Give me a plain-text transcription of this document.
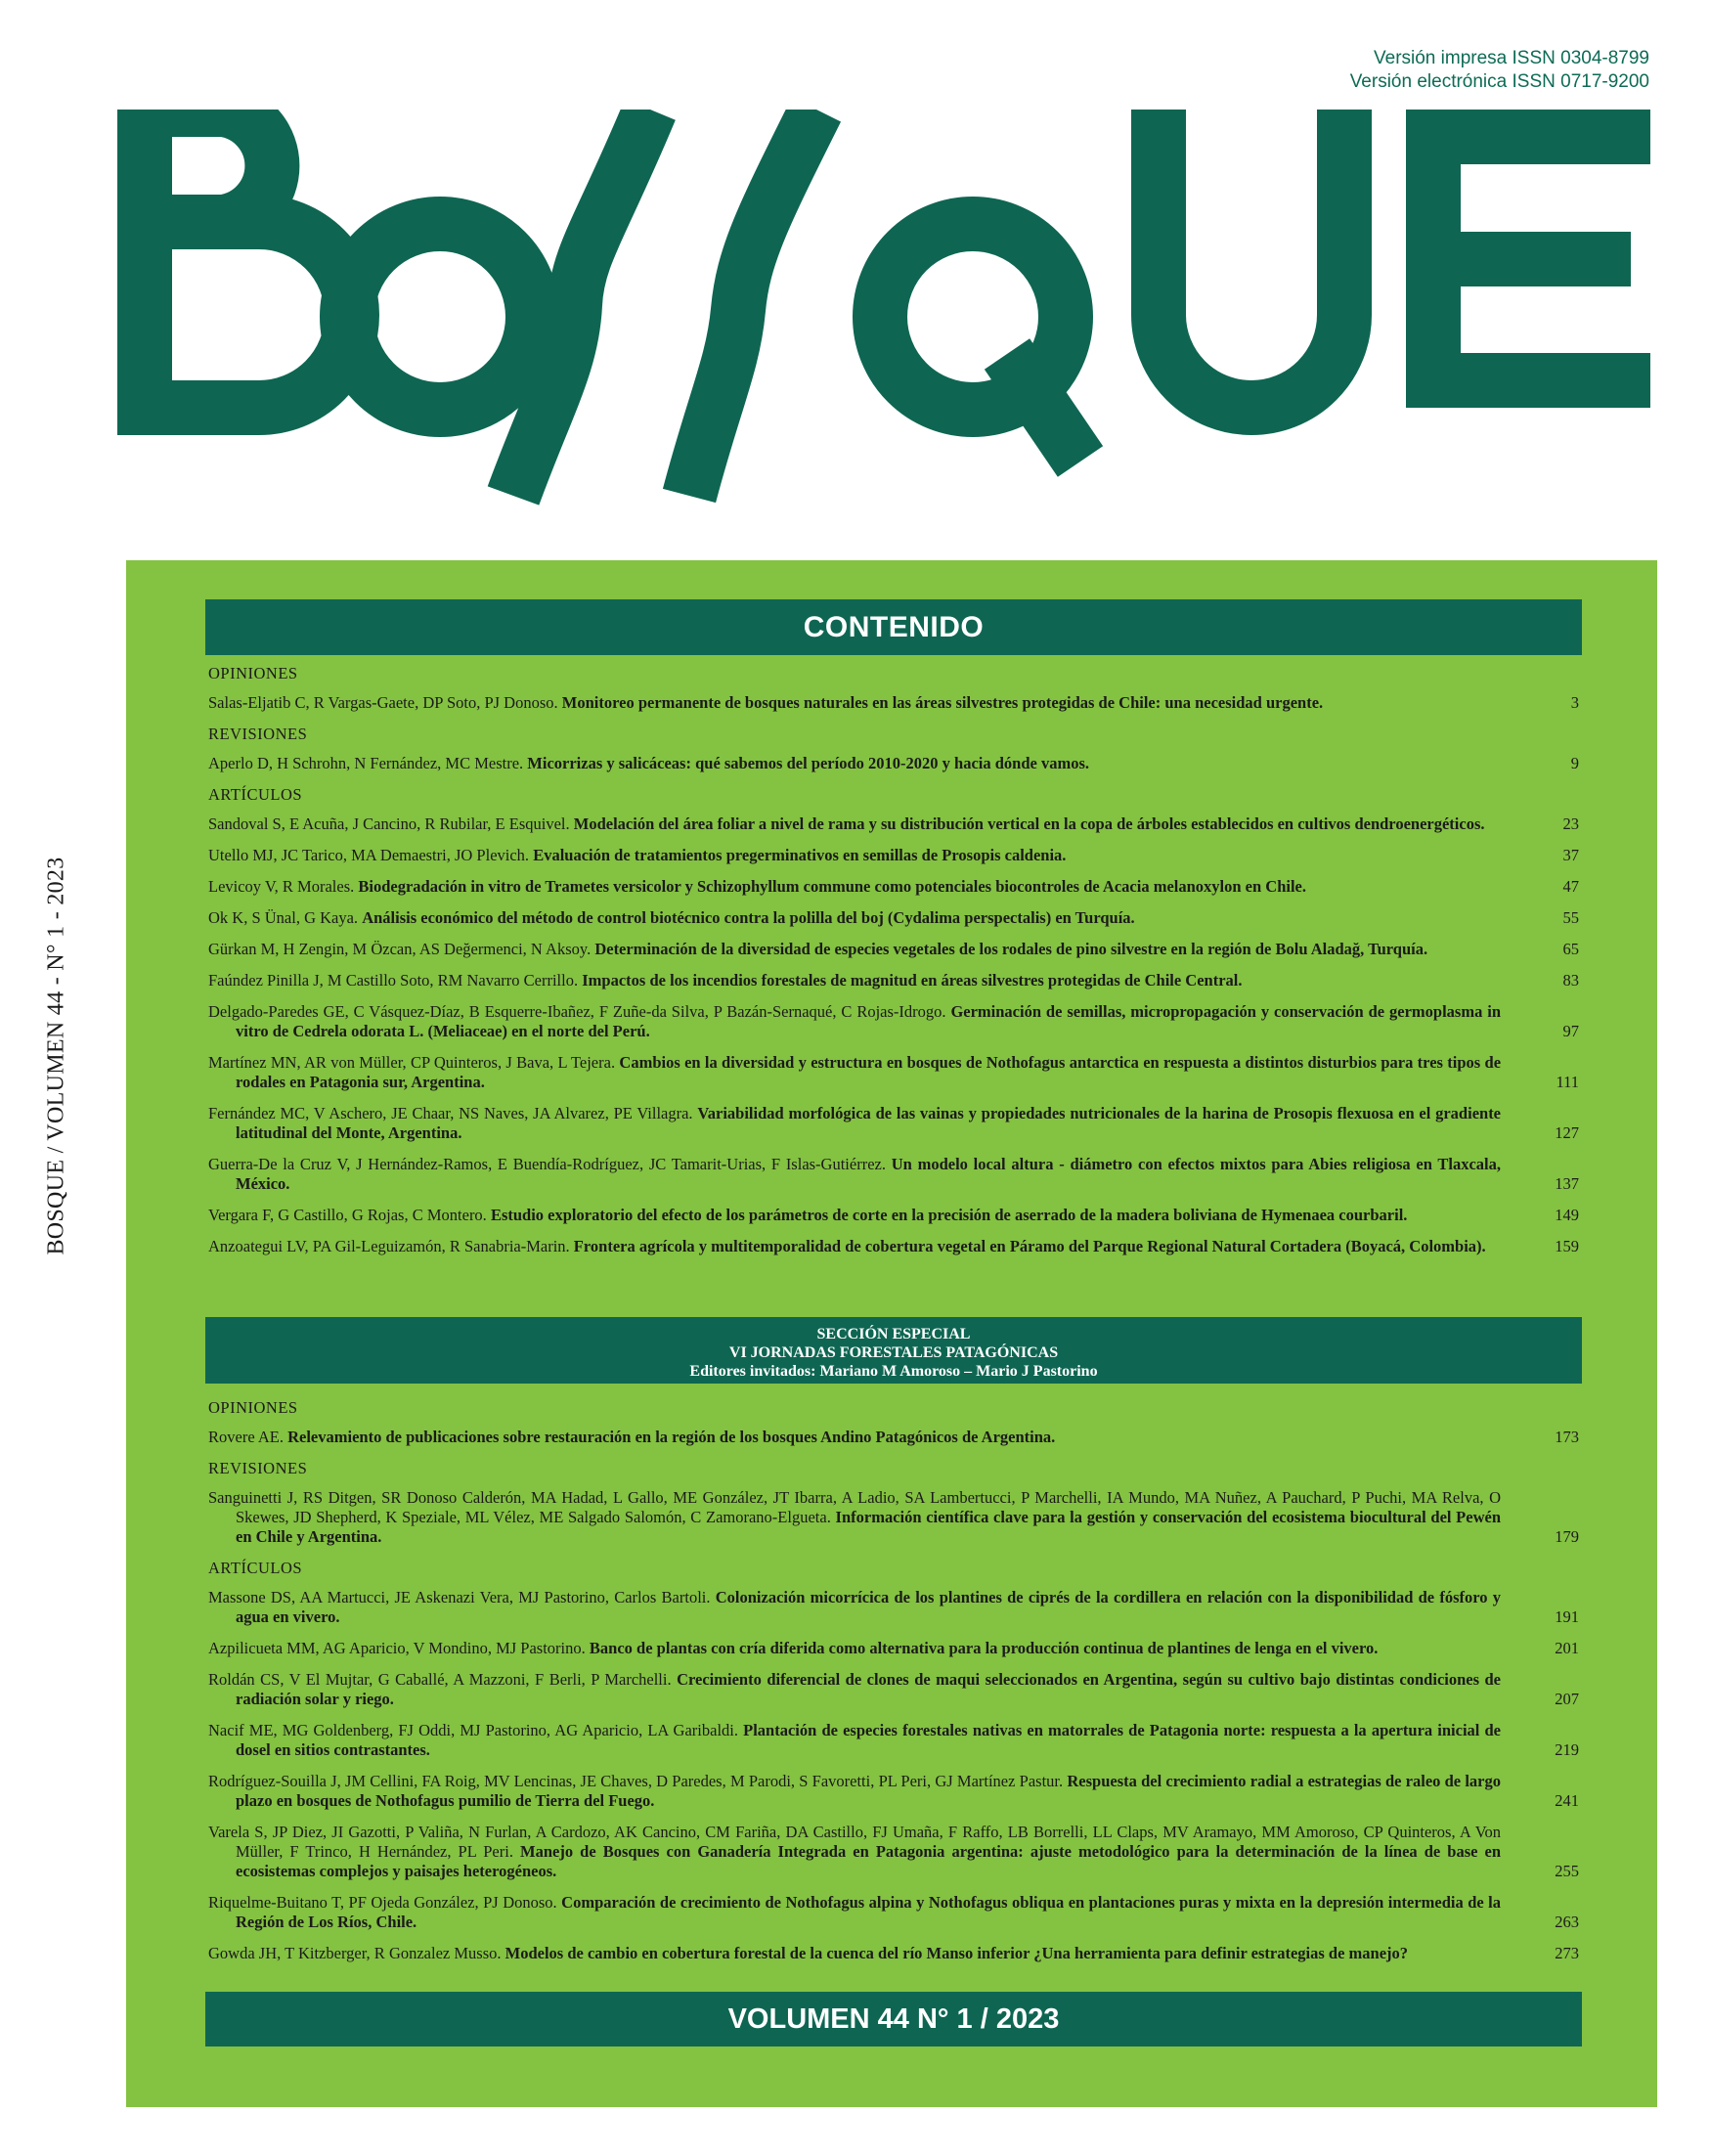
Versión impresa ISSN 0304-8799
Versión electrónica ISSN 0717-9200
BOSQUE / VOLUMEN 44 - N° 1 - 2023
CONTENIDO
OPINIONES
Salas-Eljatib C, R Vargas-Gaete, DP Soto, PJ Donoso. Monitoreo permanente de bosques naturales en las áreas silvestres protegidas de Chile: una necesidad urgente.	3
REVISIONES
Aperlo D, H Schrohn, N Fernández, MC Mestre. Micorrizas y salicáceas: qué sabemos del período 2010-2020 y hacia dónde vamos.	9
ARTÍCULOS
Sandoval S, E Acuña, J Cancino, R Rubilar, E Esquivel. Modelación del área foliar a nivel de rama y su distribución vertical en la copa de árboles establecidos en cultivos dendroenergéticos.	23
Utello MJ, JC Tarico, MA Demaestri, JO Plevich. Evaluación de tratamientos pregerminativos en semillas de Prosopis caldenia.	37
Levicoy V, R Morales. Biodegradación in vitro de Trametes versicolor y Schizophyllum commune como potenciales biocontroles de Acacia melanoxylon en Chile.	47
Ok K, S Ünal, G Kaya. Análisis económico del método de control biotécnico contra la polilla del boj (Cydalima perspectalis) en Turquía.	55
Gürkan M, H Zengin, M Özcan, AS Değermenci, N Aksoy. Determinación de la diversidad de especies vegetales de los rodales de pino silvestre en la región de Bolu Aladağ, Turquía.	65
Faúndez Pinilla J, M Castillo Soto, RM Navarro Cerrillo. Impactos de los incendios forestales de magnitud en áreas silvestres protegidas de Chile Central.	83
Delgado-Paredes GE, C Vásquez-Díaz, B Esquerre-Ibañez, F Zuñe-da Silva, P Bazán-Sernaqué, C Rojas-Idrogo. Germinación de semillas, micropropagación y conservación de germoplasma in vitro de Cedrela odorata L. (Meliaceae) en el norte del Perú.	97
Martínez MN, AR von Müller, CP Quinteros, J Bava, L Tejera. Cambios en la diversidad y estructura en bosques de Nothofagus antarctica en respuesta a distintos disturbios para tres tipos de rodales en Patagonia sur, Argentina.	111
Fernández MC, V Aschero, JE Chaar, NS Naves, JA Alvarez, PE Villagra. Variabilidad morfológica de las vainas y propiedades nutricionales de la harina de Prosopis flexuosa en el gradiente latitudinal del Monte, Argentina.	127
Guerra-De la Cruz V, J Hernández-Ramos, E Buendía-Rodríguez, JC Tamarit-Urias, F Islas-Gutiérrez. Un modelo local altura - diámetro con efectos mixtos para Abies religiosa en Tlaxcala, México.	137
Vergara F, G Castillo, G Rojas, C Montero. Estudio exploratorio del efecto de los parámetros de corte en la precisión de aserrado de la madera boliviana de Hymenaea courbaril.	149
Anzoategui LV, PA Gil-Leguizamón, R Sanabria-Marin. Frontera agrícola y multitemporalidad de cobertura vegetal en Páramo del Parque Regional Natural Cortadera (Boyacá, Colombia).	159
SECCIÓN ESPECIAL
VI JORNADAS FORESTALES PATAGÓNICAS
Editores invitados: Mariano M Amoroso – Mario J Pastorino
OPINIONES
Rovere AE. Relevamiento de publicaciones sobre restauración en la región de los bosques Andino Patagónicos de Argentina.	173
REVISIONES
Sanguinetti J, RS Ditgen, SR Donoso Calderón, MA Hadad, L Gallo, ME González, JT Ibarra, A Ladio, SA Lambertucci, P Marchelli, IA Mundo, MA Nuñez, A Pauchard, P Puchi, MA Relva, O Skewes, JD Shepherd, K Speziale, ML Vélez, ME Salgado Salomón, C Zamorano-Elgueta. Información científica clave para la gestión y conservación del ecosistema biocultural del Pewén en Chile y Argentina.	179
ARTÍCULOS
Massone DS, AA Martucci, JE Askenazi Vera, MJ Pastorino, Carlos Bartoli. Colonización micorrícica de los plantines de ciprés de la cordillera en relación con la disponibilidad de fósforo y agua en vivero.	191
Azpilicueta MM, AG Aparicio, V Mondino, MJ Pastorino. Banco de plantas con cría diferida como alternativa para la producción continua de plantines de lenga en el vivero.	201
Roldán CS, V El Mujtar, G Caballé, A Mazzoni, F Berli, P Marchelli. Crecimiento diferencial de clones de maqui seleccionados en Argentina, según su cultivo bajo distintas condiciones de radiación solar y riego.	207
Nacif ME, MG Goldenberg, FJ Oddi, MJ Pastorino, AG Aparicio, LA Garibaldi. Plantación de especies forestales nativas en matorrales de Patagonia norte: respuesta a la apertura inicial de dosel en sitios contrastantes.	219
Rodríguez-Souilla J, JM Cellini, FA Roig, MV Lencinas, JE Chaves, D Paredes, M Parodi, S Favoretti, PL Peri, GJ Martínez Pastur. Respuesta del crecimiento radial a estrategias de raleo de largo plazo en bosques de Nothofagus pumilio de Tierra del Fuego.	241
Varela S, JP Diez, JI Gazotti, P Valiña, N Furlan, A Cardozo, AK Cancino, CM Fariña, DA Castillo, FJ Umaña, F Raffo, LB Borrelli, LL Claps, MV Aramayo, MM Amoroso, CP Quinteros, A Von Müller, F Trinco, H Hernández, PL Peri. Manejo de Bosques con Ganadería Integrada en Patagonia argentina: ajuste metodológico para la determinación de la línea de base en ecosistemas complejos y paisajes heterogéneos.	255
Riquelme-Buitano T, PF Ojeda González, PJ Donoso. Comparación de crecimiento de Nothofagus alpina y Nothofagus obliqua en plantaciones puras y mixta en la depresión intermedia de la Región de Los Ríos, Chile.	263
Gowda JH, T Kitzberger, R Gonzalez Musso. Modelos de cambio en cobertura forestal de la cuenca del río Manso inferior ¿Una herramienta para definir estrategias de manejo?	273
VOLUMEN 44 N° 1 / 2023
